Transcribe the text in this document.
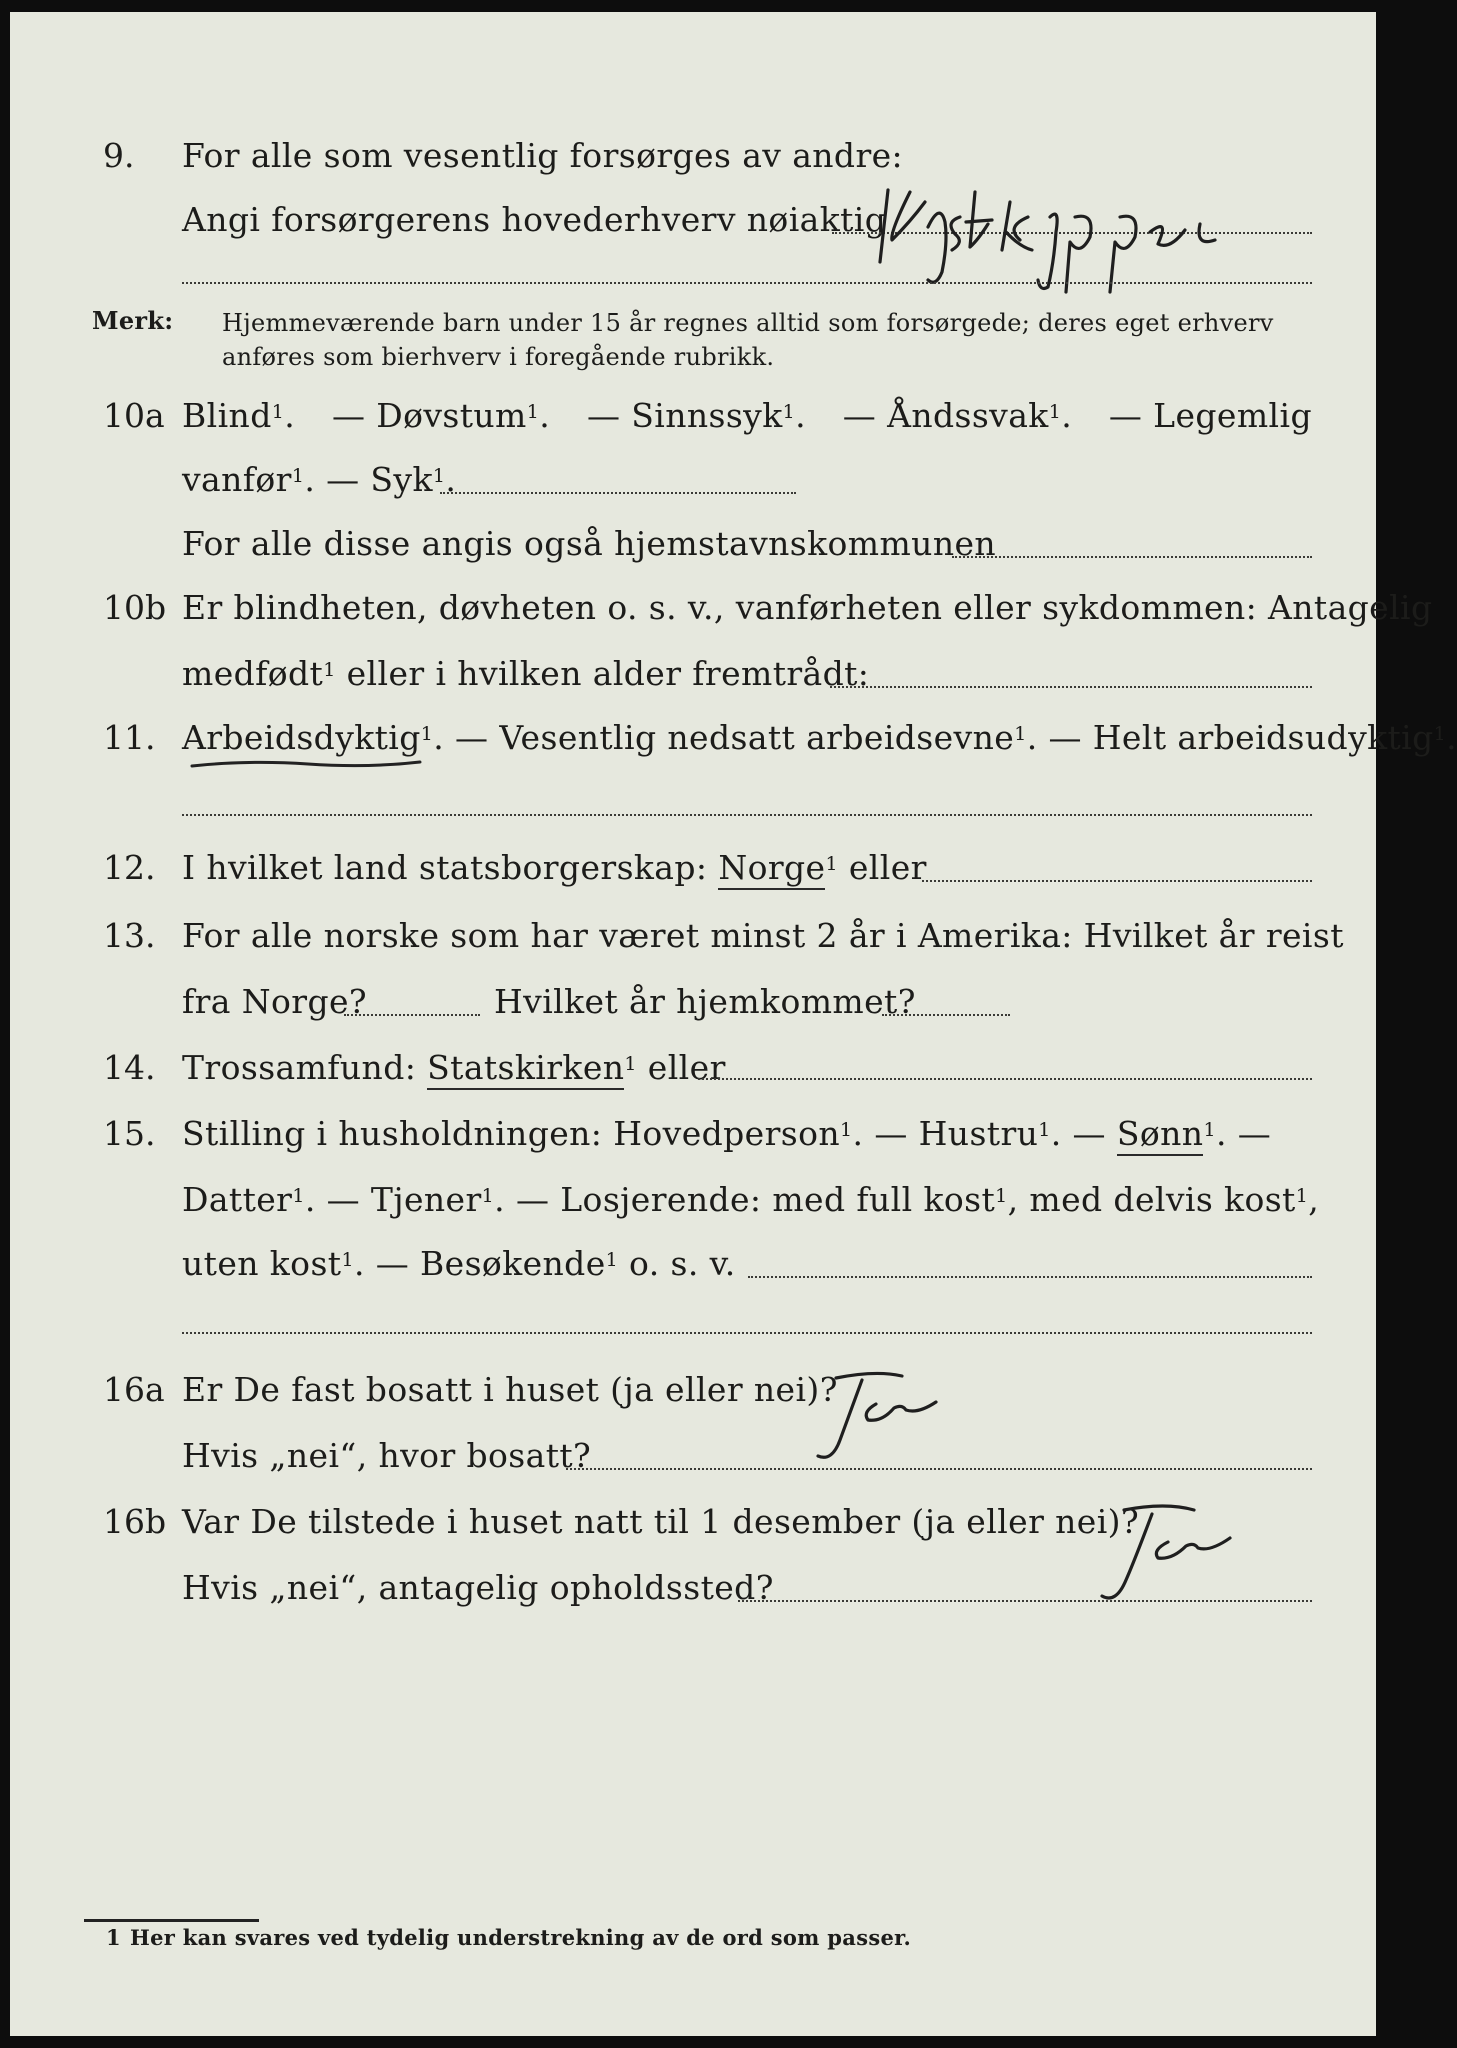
9. For alle som vesentlig forsørges av andre:
Angi forsørgerens hovederhverv nøiaktig
Merk: Hjemmeværende barn under 15 år regnes alltid som forsørgede; deres eget erhverv
anføres som bierhverv i foregående rubrikk.
10a Blind$^1$. — Døvstum$^1$. — Sinnssyk$^1$. — Åndssvak$^1$. — Legemlig
vanfør$^1$. — Syk$^1$.
For alle disse angis også hjemstavnskommunen
10b Er blindheten, døvheten o. s. v., vanførheten eller sykdommen: Antagelig
medfødt$^1$ eller i hvilken alder fremtrådt:
11. Arbeidsdyktig$^1$. — Vesentlig nedsatt arbeidsevne$^1$. — Helt arbeidsudyktig$^1$.
12. I hvilket land statsborgerskap: Norge$^1$ eller
13. For alle norske som har været minst 2 år i Amerika: Hvilket år reist
fra Norge?	Hvilket år hjemkommet?
14. Trossamfund: Statskirken$^1$ eller
15. Stilling i husholdningen: Hovedperson$^1$. — Hustru$^1$. — Sønn$^1$. —
Datter$^1$. — Tjener$^1$. — Losjerende: med full kost$^1$, med delvis kost$^1$,
uten kost$^1$. — Besøkende$^1$ o. s. v.
16a Er De fast bosatt i huset (ja eller nei)?
Hvis „nei“, hvor bosatt?
16b Var De tilstede i huset natt til 1 desember (ja eller nei)?
Hvis „nei“, antagelig opholdssted?
1 Her kan svares ved tydelig understrekning av de ord som passer.
